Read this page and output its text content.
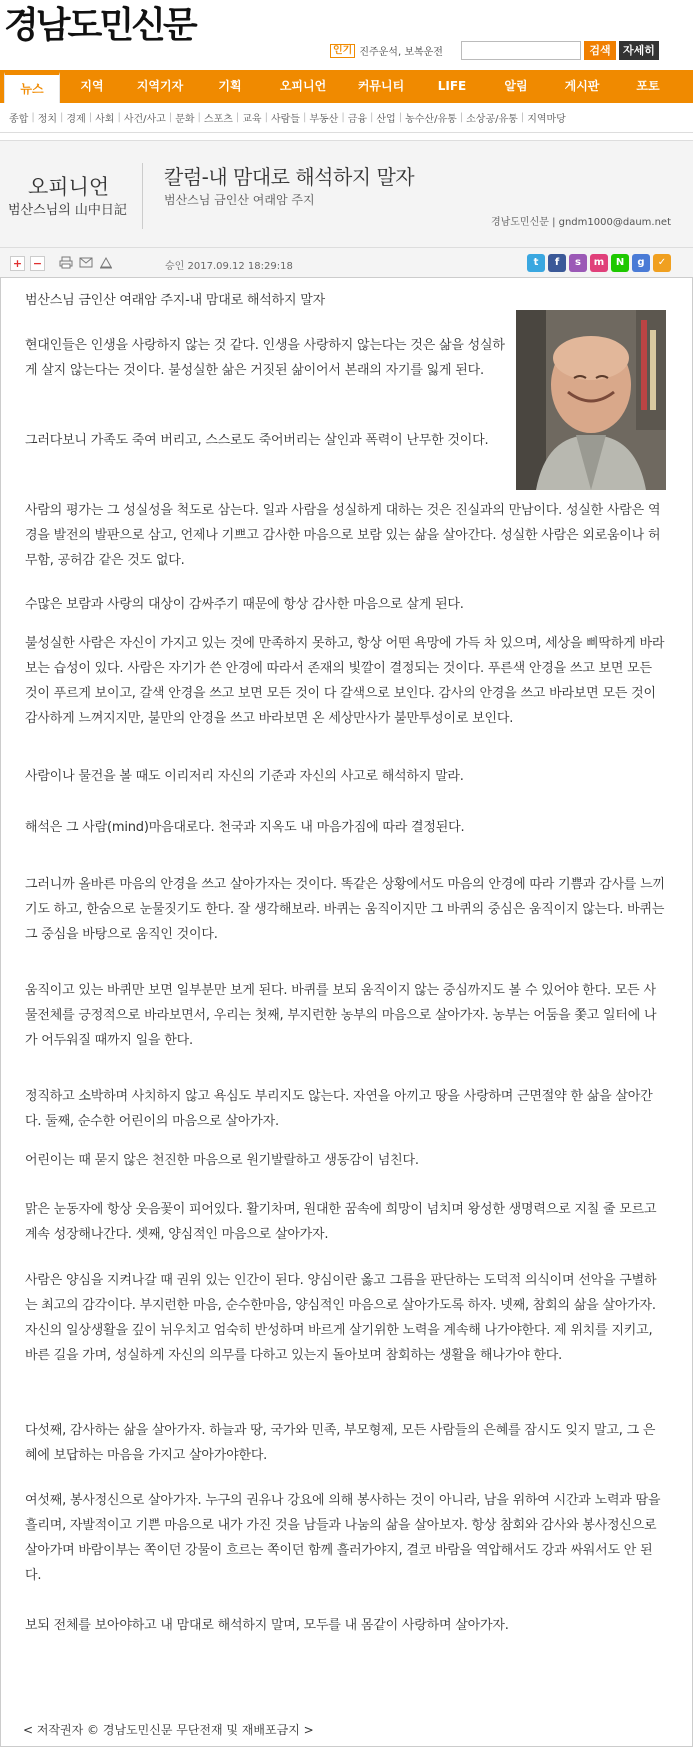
경남도민신문
인기 진주운석, 보복운전	검색	자세히
뉴스	지역	지역기자	기획	오피니언	커뮤니티	LIFE	알림	게시판	포토
종합 | 정치 | 경제 | 사회 | 사건/사고 | 문화 | 스포츠 | 교육 | 사람들 | 부동산 | 금융 | 산업 | 농수산/유통 | 소상공/유통 | 지역마당
오피니언
범산스님의 山中日記
칼럼-내 맘대로 해석하지 말자
범산스님 금인산 여래암 주지
경남도민신문 | gndm1000@daum.net
+ −	승인 2017.09.12 18:29:18	t	f	s	m	N	g	✓
범산스님 금인산 여래암 주지-내 맘대로 해석하지 말자
현대인들은 인생을 사랑하지 않는 것 같다. 인생을 사랑하지 않는다는 것은 삶을 성실하게 살지 않는다는 것이다. 불성실한 삶은 거짓된 삶이어서 본래의 자기를 잃게 된다.
그러다보니 가족도 죽여 버리고, 스스로도 죽어버리는 살인과 폭력이 난무한 것이다.
사람의 평가는 그 성실성을 척도로 삼는다. 일과 사람을 성실하게 대하는 것은 진실과의 만남이다. 성실한 사람은 역경을 발전의 발판으로 삼고, 언제나 기쁘고 감사한 마음으로 보람 있는 삶을 살아간다. 성실한 사람은 외로움이나 허무함, 공허감 같은 것도 없다.
수많은 보람과 사랑의 대상이 감싸주기 때문에 항상 감사한 마음으로 살게 된다.
불성실한 사람은 자신이 가지고 있는 것에 만족하지 못하고, 항상 어떤 욕망에 가득 차 있으며, 세상을 삐딱하게 바라보는 습성이 있다. 사람은 자기가 쓴 안경에 따라서 존재의 빛깔이 결정되는 것이다. 푸른색 안경을 쓰고 보면 모든 것이 푸르게 보이고, 갈색 안경을 쓰고 보면 모든 것이 다 갈색으로 보인다. 감사의 안경을 쓰고 바라보면 모든 것이 감사하게 느껴지지만, 불만의 안경을 쓰고 바라보면 온 세상만사가 불만투성이로 보인다.
사람이나 물건을 볼 때도 이리저리 자신의 기준과 자신의 사고로 해석하지 말라.
해석은 그 사람(mind)마음대로다. 천국과 지옥도 내 마음가짐에 따라 결정된다.
그러니까 올바른 마음의 안경을 쓰고 살아가자는 것이다. 똑같은 상황에서도 마음의 안경에 따라 기쁨과 감사를 느끼기도 하고, 한숨으로 눈물짓기도 한다. 잘 생각해보라. 바퀴는 움직이지만 그 바퀴의 중심은 움직이지 않는다. 바퀴는 그 중심을 바탕으로 움직인 것이다.
움직이고 있는 바퀴만 보면 일부분만 보게 된다. 바퀴를 보되 움직이지 않는 중심까지도 볼 수 있어야 한다. 모든 사물전체를 긍정적으로 바라보면서, 우리는 첫째, 부지런한 농부의 마음으로 살아가자. 농부는 어둠을 쫓고 일터에 나가 어두워질 때까지 일을 한다.
정직하고 소박하며 사치하지 않고 욕심도 부리지도 않는다. 자연을 아끼고 땅을 사랑하며 근면절약 한 삶을 살아간다. 둘째, 순수한 어린이의 마음으로 살아가자.
어린이는 때 묻지 않은 천진한 마음으로 원기발랄하고 생동감이 넘친다.
맑은 눈동자에 항상 웃음꽃이 피어있다. 활기차며, 원대한 꿈속에 희망이 넘치며 왕성한 생명력으로 지칠 줄 모르고 계속 성장해나간다. 셋째, 양심적인 마음으로 살아가자.
사람은 양심을 지켜나갈 때 권위 있는 인간이 된다. 양심이란 옳고 그름을 판단하는 도덕적 의식이며 선악을 구별하는 최고의 감각이다. 부지런한 마음, 순수한마음, 양심적인 마음으로 살아가도록 하자. 넷째, 참회의 삶을 살아가자. 자신의 일상생활을 깊이 뉘우치고 엄숙히 반성하며 바르게 살기위한 노력을 계속해 나가야한다. 제 위치를 지키고, 바른 길을 가며, 성실하게 자신의 의무를 다하고 있는지 돌아보며 참회하는 생활을 해나가야 한다.
다섯째, 감사하는 삶을 살아가자. 하늘과 땅, 국가와 민족, 부모형제, 모든 사람들의 은혜를 잠시도 잊지 말고, 그 은혜에 보답하는 마음을 가지고 살아가야한다.
여섯째, 봉사정신으로 살아가자. 누구의 권유나 강요에 의해 봉사하는 것이 아니라, 남을 위하여 시간과 노력과 땀을 흘리며, 자발적이고 기쁜 마음으로 내가 가진 것을 남들과 나눔의 삶을 살아보자. 항상 참회와 감사와 봉사정신으로 살아가며 바람이부는 쪽이던 강물이 흐르는 쪽이던 함께 흘러가야지, 결코 바람을 역압해서도 강과 싸워서도 안 된다.
보되 전체를 보아야하고 내 맘대로 해석하지 말며, 모두를 내 몸같이 사랑하며 살아가자.
< 저작권자 © 경남도민신문 무단전재 및 재배포금지 >
